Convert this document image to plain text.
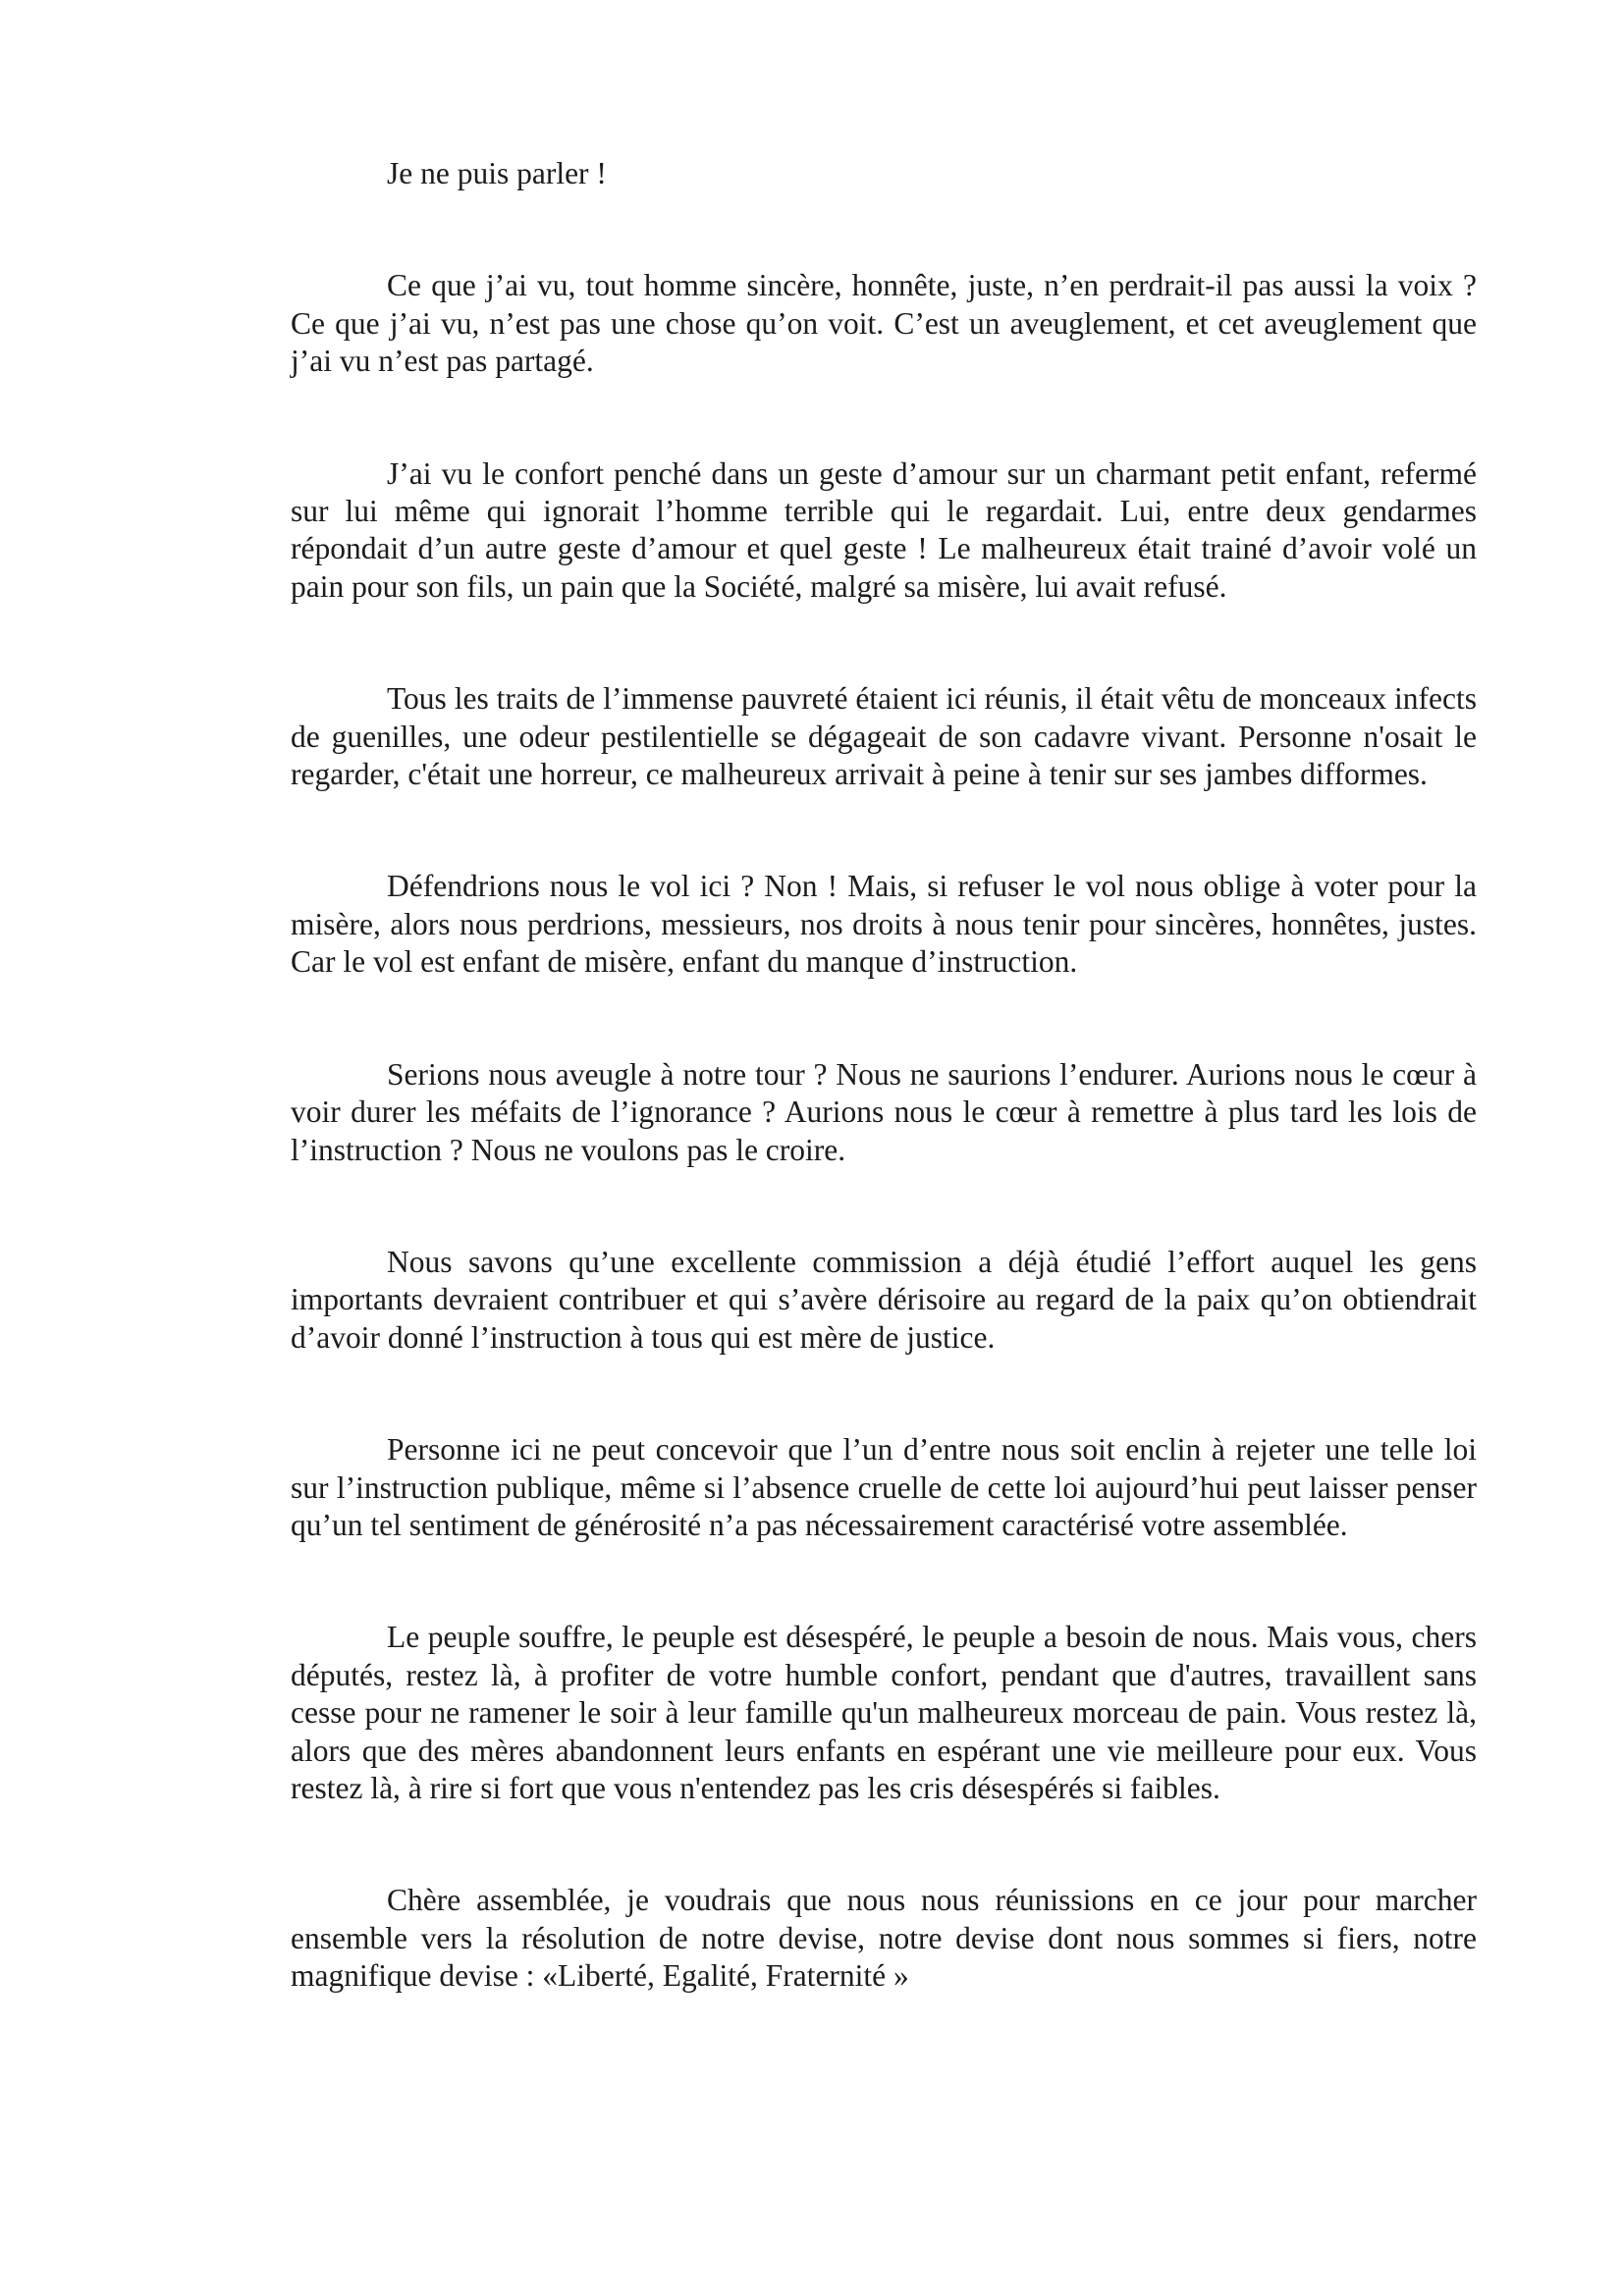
Je ne puis parler !

Ce que j’ai vu, tout homme sincère, honnête, juste, n’en perdrait-il pas aussi la voix ? Ce que j’ai vu, n’est pas une chose qu’on voit. C’est un aveuglement, et cet aveuglement que j’ai vu n’est pas partagé.

J’ai vu le confort penché dans un geste d’amour sur un charmant petit enfant, refermé sur lui même qui ignorait l’homme terrible qui le regardait. Lui, entre deux gendarmes répondait d’un autre geste d’amour et quel geste ! Le malheureux était trainé d’avoir volé un pain pour son fils, un pain que la Société, malgré sa misère, lui avait refusé.

Tous les traits de l’immense pauvreté étaient ici réunis, il était vêtu de monceaux infects de guenilles, une odeur pestilentielle se dégageait de son cadavre vivant. Personne n'osait le regarder, c'était une horreur, ce malheureux arrivait à peine à tenir sur ses jambes difformes.

Défendrions nous le vol ici ? Non ! Mais, si refuser le vol nous oblige à voter pour la misère, alors nous perdrions, messieurs, nos droits à nous tenir pour sincères, honnêtes, justes. Car le vol est enfant de misère, enfant du manque d’instruction.

Serions nous aveugle à notre tour ? Nous ne saurions l’endurer. Aurions nous le cœur à voir durer les méfaits de l’ignorance ? Aurions nous le cœur à remettre à plus tard les lois de l’instruction ? Nous ne voulons pas le croire.

Nous savons qu’une excellente commission a déjà étudié l’effort auquel les gens importants devraient contribuer et qui s’avère dérisoire au regard de la paix qu’on obtiendrait d’avoir donné l’instruction à tous qui est mère de justice.

Personne ici ne peut concevoir que l’un d’entre nous soit enclin à rejeter une telle loi sur l’instruction publique, même si l’absence cruelle de cette loi aujourd’hui peut laisser penser qu’un tel sentiment de générosité n’a pas nécessairement caractérisé votre assemblée.

Le peuple souffre, le peuple est désespéré, le peuple a besoin de nous. Mais vous, chers députés, restez là, à profiter de votre humble confort, pendant que d'autres, travaillent sans cesse pour ne ramener le soir à leur famille qu'un malheureux morceau de pain. Vous restez là, alors que des mères abandonnent leurs enfants en espérant une vie meilleure pour eux. Vous restez là, à rire si fort que vous n'entendez pas les cris désespérés si faibles.

Chère assemblée, je voudrais que nous nous réunissions en ce jour pour marcher ensemble vers la résolution de notre devise, notre devise dont nous sommes si fiers, notre magnifique devise : «Liberté, Egalité, Fraternité »
